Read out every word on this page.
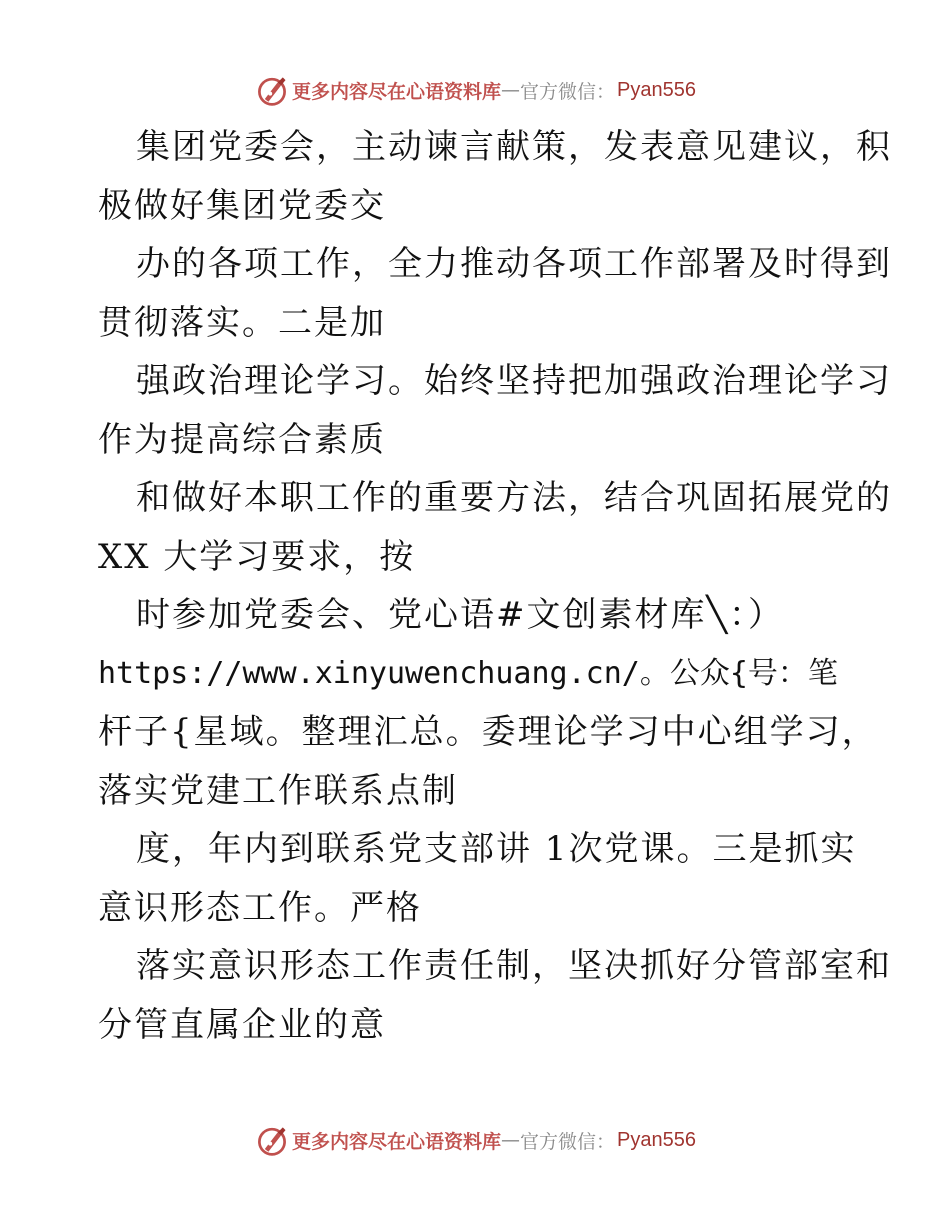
更多内容尽在心语资料库 — 官方微信： Pyan556
集团党委会，主动谏言献策，发表意见建议，积
极做好集团党委交
办的各项工作，全力推动各项工作部署及时得到
贯彻落实。二是加
强政治理论学习。始终坚持把加强政治理论学习
作为提高综合素质
和做好本职工作的重要方法，结合巩固拓展党的
XX 大学习要求，按
时参加党委会、党心语#文创素材库╲：）
https://www.xinyuwenchuang.cn/。公众{号：笔
杆子{星域。整理汇总。委理论学习中心组学习，
落实党建工作联系点制
度，年内到联系党支部讲 1次党课。三是抓实
意识形态工作。严格
落实意识形态工作责任制，坚决抓好分管部室和
分管直属企业的意
更多内容尽在心语资料库 — 官方微信： Pyan556
